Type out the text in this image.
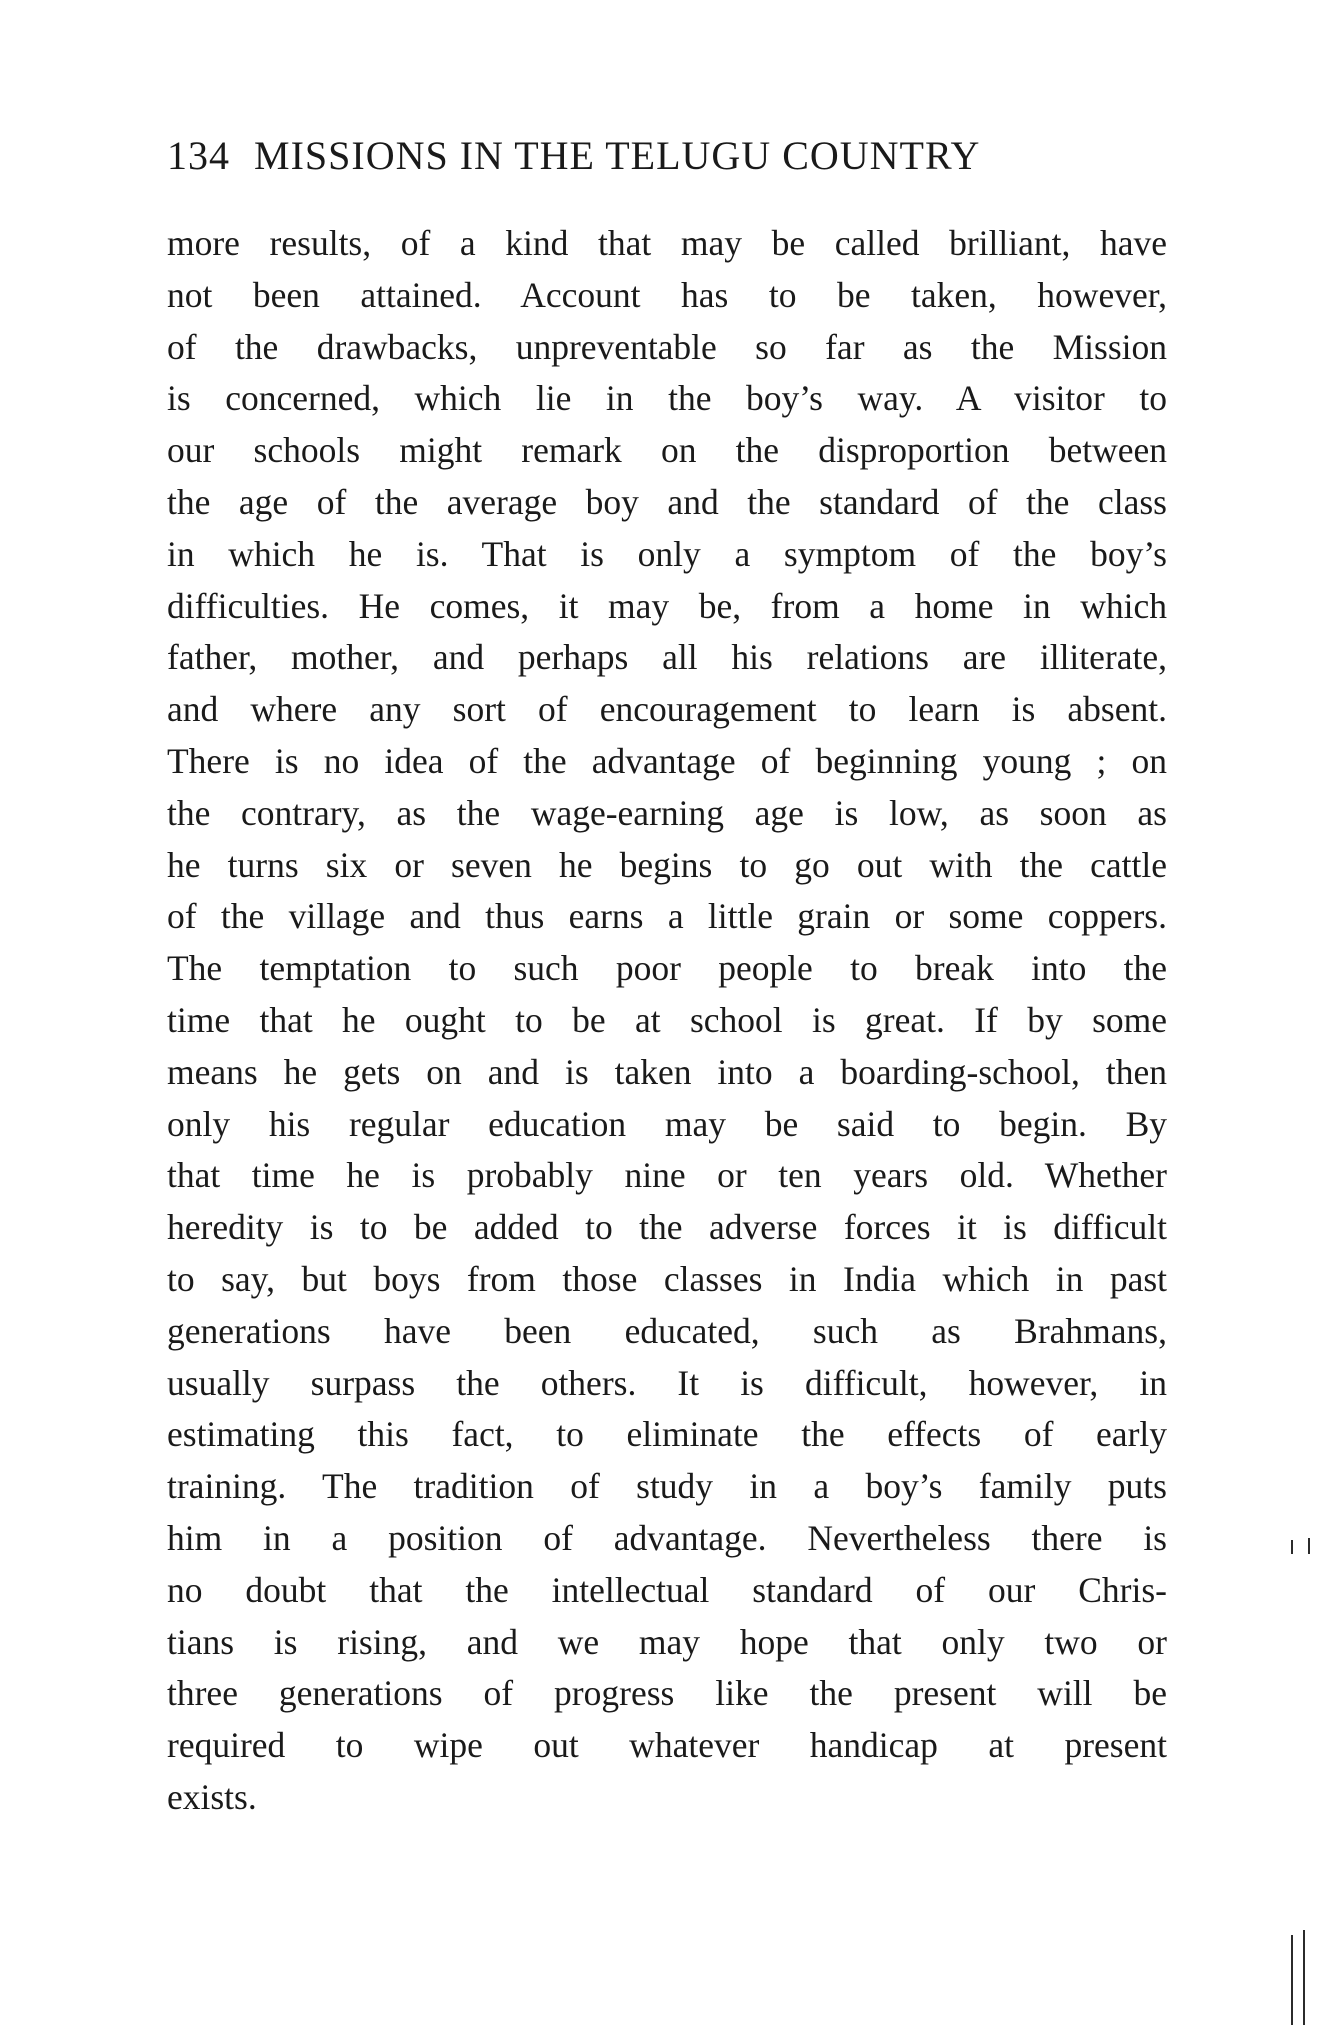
134 MISSIONS IN THE TELUGU COUNTRY
more results, of a kind that may be called brilliant, have
not been attained. Account has to be taken, however,
of the drawbacks, unpreventable so far as the Mission
is concerned, which lie in the boy’s way. A visitor to
our schools might remark on the disproportion between
the age of the average boy and the standard of the class
in which he is. That is only a symptom of the boy’s
difficulties. He comes, it may be, from a home in which
father, mother, and perhaps all his relations are illiterate,
and where any sort of encouragement to learn is absent.
There is no idea of the advantage of beginning young ; on
the contrary, as the wage-earning age is low, as soon as
he turns six or seven he begins to go out with the cattle
of the village and thus earns a little grain or some coppers.
The temptation to such poor people to break into the
time that he ought to be at school is great. If by some
means he gets on and is taken into a boarding-school, then
only his regular education may be said to begin. By
that time he is probably nine or ten years old. Whether
heredity is to be added to the adverse forces it is difficult
to say, but boys from those classes in India which in past
generations have been educated, such as Brahmans,
usually surpass the others. It is difficult, however, in
estimating this fact, to eliminate the effects of early
training. The tradition of study in a boy’s family puts
him in a position of advantage. Nevertheless there is
no doubt that the intellectual standard of our Chris-
tians is rising, and we may hope that only two or
three generations of progress like the present will be
required to wipe out whatever handicap at present
exists.
